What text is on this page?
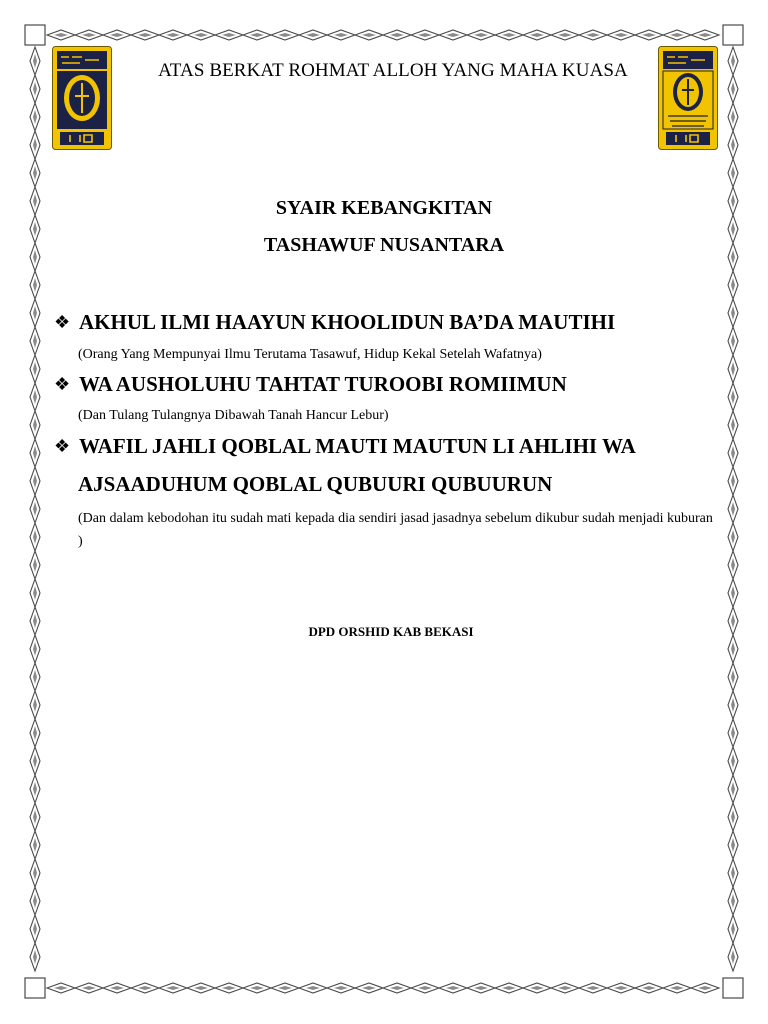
ATAS BERKAT ROHMAT ALLOH YANG MAHA KUASA
SYAIR KEBANGKITAN
TASHAWUF NUSANTARA
❖ AKHUL ILMI HAAYUN KHOOLIDUN BA’DA MAUTIHI
(Orang Yang Mempunyai Ilmu Terutama Tasawuf, Hidup Kekal Setelah Wafatnya)
❖ WA AUSHOLUHU TAHTAT TUROOBI ROMIIMUN
(Dan Tulang Tulangnya Dibawah Tanah Hancur Lebur)
❖ WAFIL JAHLI QOBLAL MAUTI MAUTUN LI AHLIHI WA
AJSAADUHUM QOBLAL QUBUURI QUBUURUN
(Dan dalam kebodohan itu sudah mati kepada dia sendiri jasad jasadnya sebelum dikubur sudah menjadi kuburan )
DPD ORSHID KAB BEKASI
